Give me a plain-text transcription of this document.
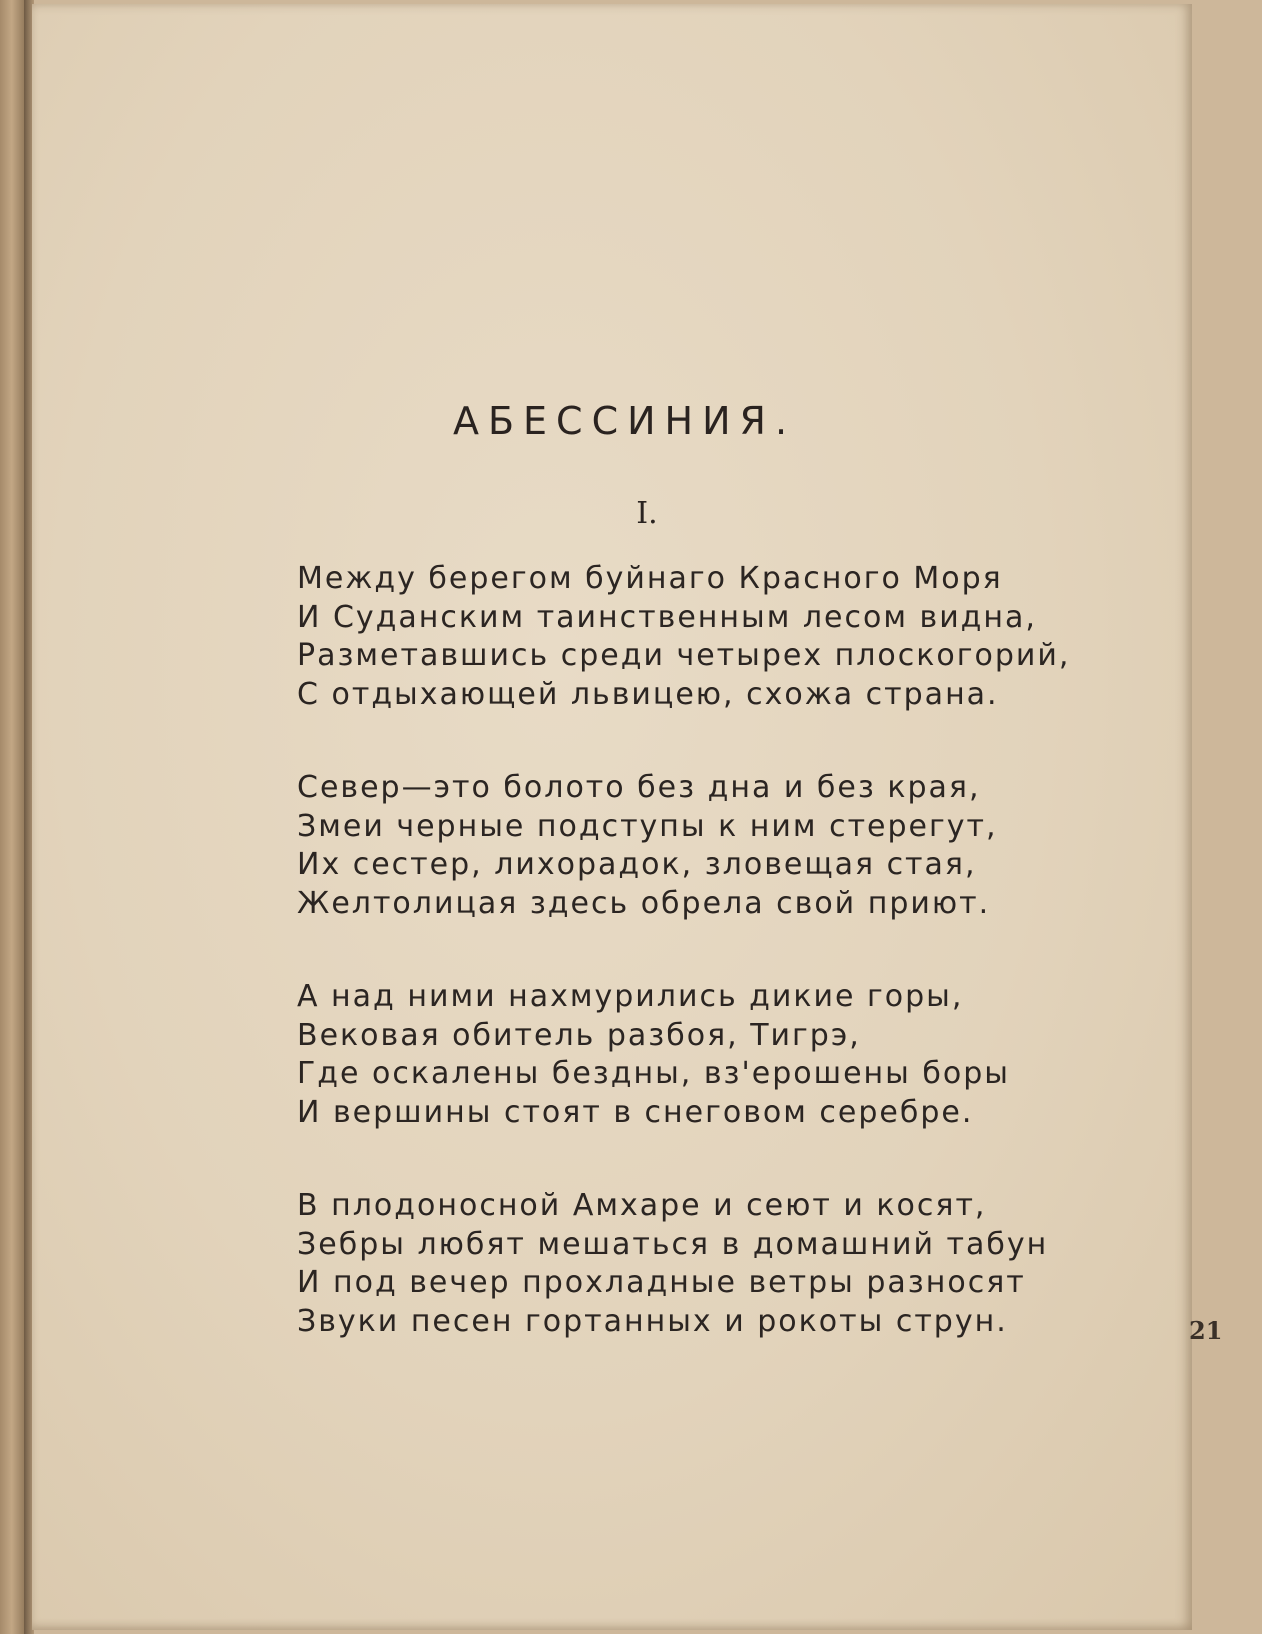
АБЕССИНИЯ.
I.
Между берегом буйнаго Красного Моря
И Суданским таинственным лесом видна,
Разметавшись среди четырех плоскогорий,
С отдыхающей львицею, схожа страна.
Север—это болото без дна и без края,
Змеи черные подступы к ним стерегут,
Их сестер, лихорадок, зловещая стая,
Желтолицая здесь обрела свой приют.
А над ними нахмурились дикие горы,
Вековая обитель разбоя, Тигрэ,
Где оскалены бездны, вз'ерошены боры
И вершины стоят в снеговом серебре.
В плодоносной Амхаре и сеют и косят,
Зебры любят мешаться в домашний табун
И под вечер прохладные ветры разносят
Звуки песен гортанных и рокоты струн.	21
